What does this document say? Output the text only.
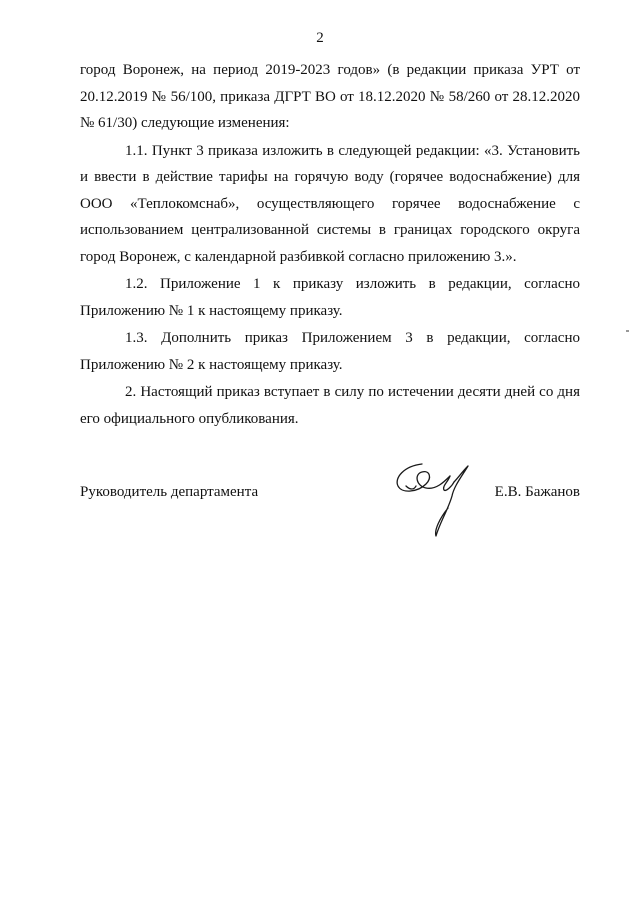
2

город Воронеж, на период 2019-2023 годов» (в редакции приказа УРТ от 20.12.2019 № 56/100, приказа ДГРТ ВО от 18.12.2020 № 58/260 от 28.12.2020 № 61/30) следующие изменения:

1.1. Пункт 3 приказа изложить в следующей редакции: «3. Установить и ввести в действие тарифы на горячую воду (горячее водоснабжение) для ООО «Теплокомснаб», осуществляющего горячее водоснабжение с использованием централизованной системы в границах городского округа город Воронеж, с календарной разбивкой согласно приложению 3.».

1.2. Приложение 1 к приказу изложить в редакции, согласно Приложению № 1 к настоящему приказу.

1.3. Дополнить приказ Приложением 3 в редакции, согласно Приложению № 2 к настоящему приказу.

2. Настоящий приказ вступает в силу по истечении десяти дней со дня его официального опубликования.

Руководитель департамента	Е.В. Бажанов
